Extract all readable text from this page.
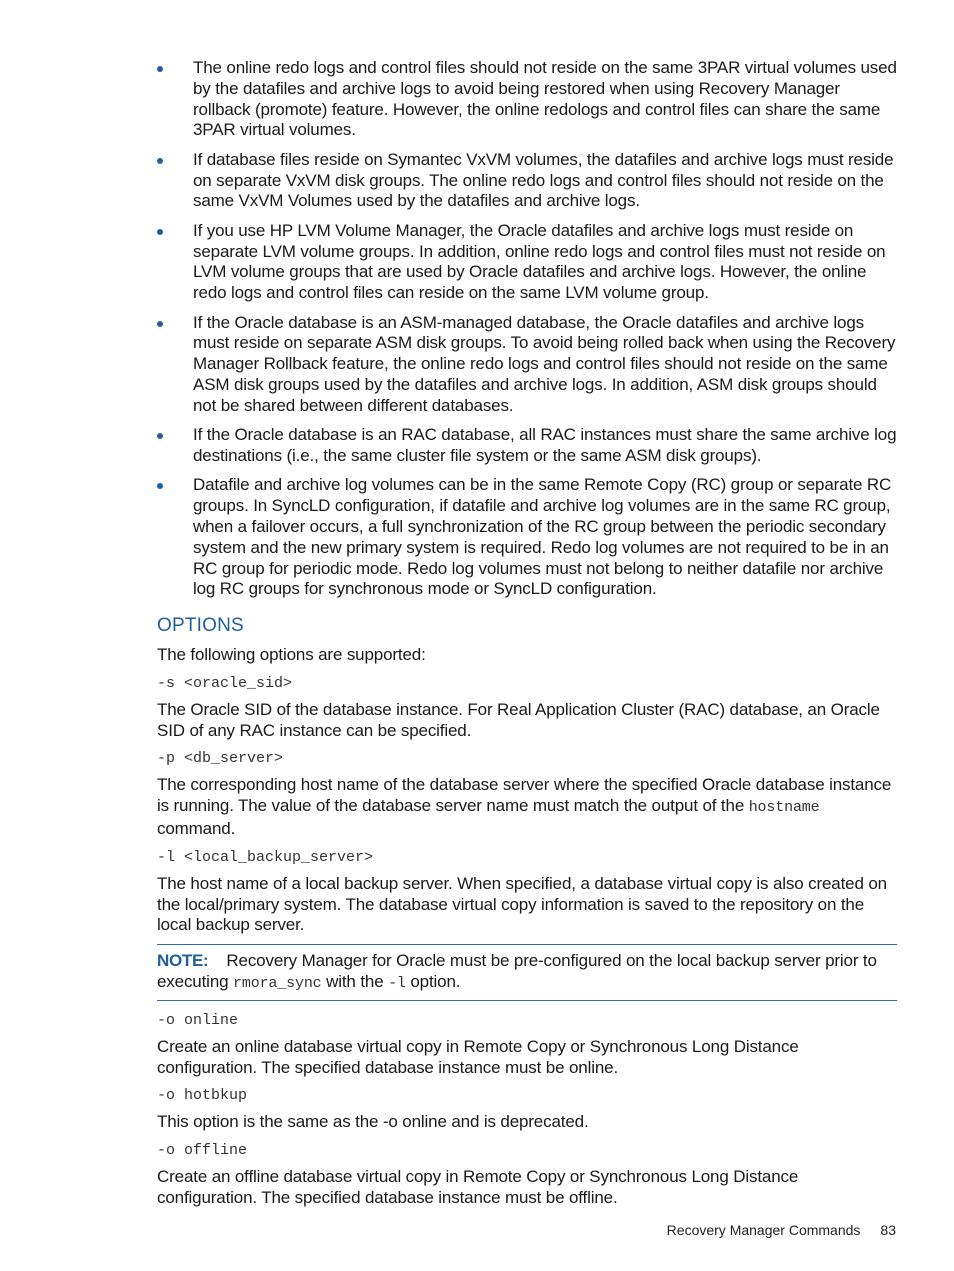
The online redo logs and control files should not reside on the same 3PAR virtual volumes used by the datafiles and archive logs to avoid being restored when using Recovery Manager rollback (promote) feature. However, the online redologs and control files can share the same 3PAR virtual volumes.
If database files reside on Symantec VxVM volumes, the datafiles and archive logs must reside on separate VxVM disk groups. The online redo logs and control files should not reside on the same VxVM Volumes used by the datafiles and archive logs.
If you use HP LVM Volume Manager, the Oracle datafiles and archive logs must reside on separate LVM volume groups. In addition, online redo logs and control files must not reside on LVM volume groups that are used by Oracle datafiles and archive logs. However, the online redo logs and control files can reside on the same LVM volume group.
If the Oracle database is an ASM-managed database, the Oracle datafiles and archive logs must reside on separate ASM disk groups. To avoid being rolled back when using the Recovery Manager Rollback feature, the online redo logs and control files should not reside on the same ASM disk groups used by the datafiles and archive logs. In addition, ASM disk groups should not be shared between different databases.
If the Oracle database is an RAC database, all RAC instances must share the same archive log destinations (i.e., the same cluster file system or the same ASM disk groups).
Datafile and archive log volumes can be in the same Remote Copy (RC) group or separate RC groups. In SyncLD configuration, if datafile and archive log volumes are in the same RC group, when a failover occurs, a full synchronization of the RC group between the periodic secondary system and the new primary system is required. Redo log volumes are not required to be in an RC group for periodic mode. Redo log volumes must not belong to neither datafile nor archive log RC groups for synchronous mode or SyncLD configuration.
OPTIONS

The following options are supported:

-s <oracle_sid>

The Oracle SID of the database instance. For Real Application Cluster (RAC) database, an Oracle SID of any RAC instance can be specified.

-p <db_server>

The corresponding host name of the database server where the specified Oracle database instance is running. The value of the database server name must match the output of the hostname
command.

-l <local_backup_server>

The host name of a local backup server. When specified, a database virtual copy is also created on the local/primary system. The database virtual copy information is saved to the repository on the local backup server.

NOTE: Recovery Manager for Oracle must be pre-configured on the local backup server prior to executing rmora_sync with the -l option.

-o online

Create an online database virtual copy in Remote Copy or Synchronous Long Distance configuration. The specified database instance must be online.

-o hotbkup

This option is the same as the -o online and is deprecated.

-o offline

Create an offline database virtual copy in Remote Copy or Synchronous Long Distance configuration. The specified database instance must be offline.

Recovery Manager Commands 83
